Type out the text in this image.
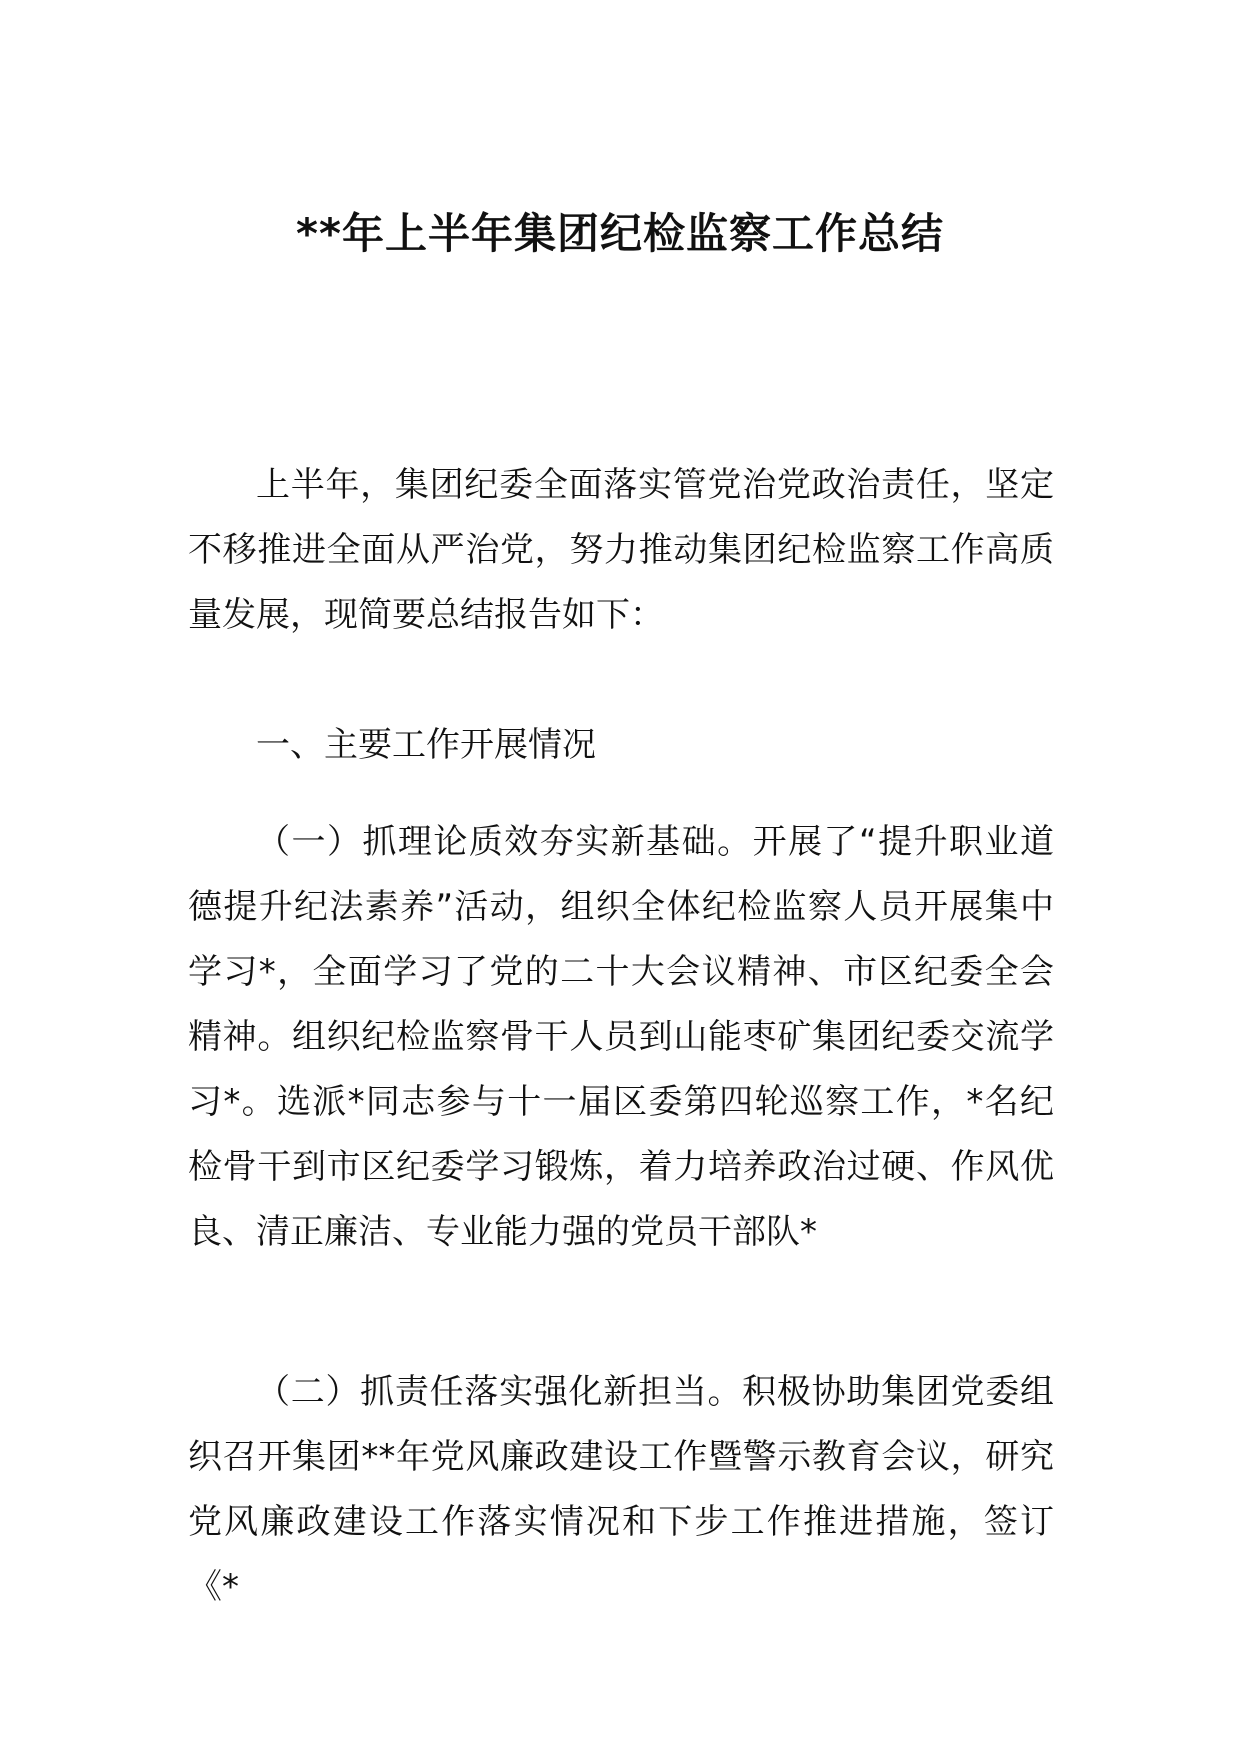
**年上半年集团纪检监察工作总结

上半年，集团纪委全面落实管党治党政治责任，坚定不移推进全面从严治党，努力推动集团纪检监察工作高质量发展，现简要总结报告如下：

一、主要工作开展情况

（一）抓理论质效夯实新基础。开展了“提升职业道德提升纪法素养”活动，组织全体纪检监察人员开展集中学习*，全面学习了党的二十大会议精神、市区纪委全会精神。组织纪检监察骨干人员到山能枣矿集团纪委交流学习*。选派*同志参与十一届区委第四轮巡察工作，*名纪检骨干到市区纪委学习锻炼，着力培养政治过硬、作风优良、清正廉洁、专业能力强的党员干部队*

（二）抓责任落实强化新担当。积极协助集团党委组织召开集团**年党风廉政建设工作暨警示教育会议，研究党风廉政建设工作落实情况和下步工作推进措施，签订《*
